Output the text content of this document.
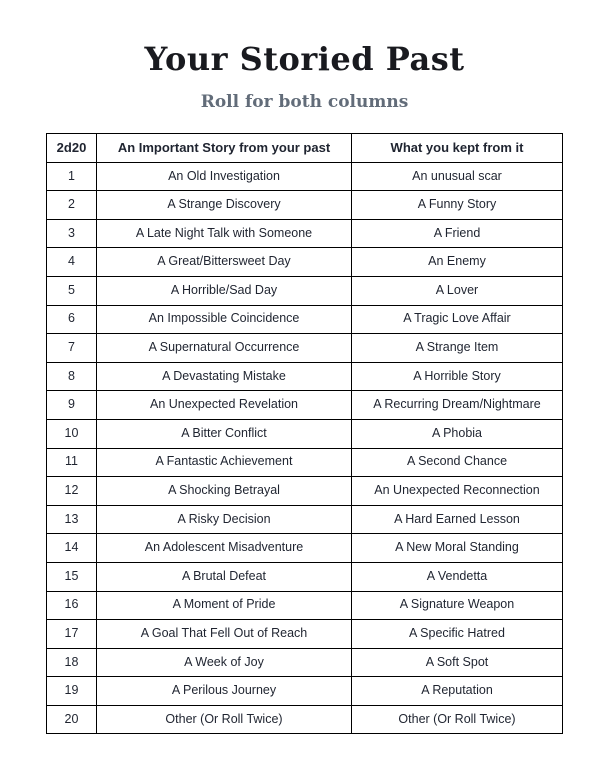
Your Storied Past
Roll for both columns
2d20	An Important Story from your past	What you kept from it
1	An Old Investigation	An unusual scar
2	A Strange Discovery	A Funny Story
3	A Late Night Talk with Someone	A Friend
4	A Great/Bittersweet Day	An Enemy
5	A Horrible/Sad Day	A Lover
6	An Impossible Coincidence	A Tragic Love Affair
7	A Supernatural Occurrence	A Strange Item
8	A Devastating Mistake	A Horrible Story
9	An Unexpected Revelation	A Recurring Dream/Nightmare
10	A Bitter Conflict	A Phobia
11	A Fantastic Achievement	A Second Chance
12	A Shocking Betrayal	An Unexpected Reconnection
13	A Risky Decision	A Hard Earned Lesson
14	An Adolescent Misadventure	A New Moral Standing
15	A Brutal Defeat	A Vendetta
16	A Moment of Pride	A Signature Weapon
17	A Goal That Fell Out of Reach	A Specific Hatred
18	A Week of Joy	A Soft Spot
19	A Perilous Journey	A Reputation
20	Other (Or Roll Twice)	Other (Or Roll Twice)
